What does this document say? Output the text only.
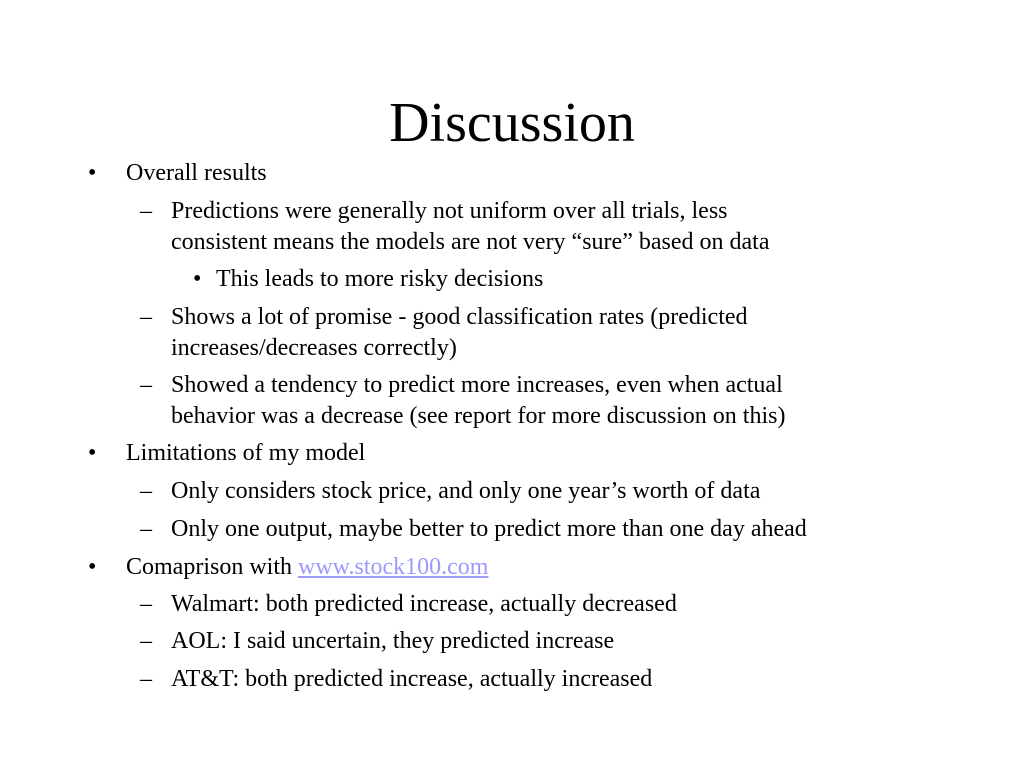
Discussion
• Overall results
– Predictions were generally not uniform over all trials, less
consistent means the models are not very “sure” based on data
• This leads to more risky decisions
– Shows a lot of promise - good classification rates (predicted
increases/decreases correctly)
– Showed a tendency to predict more increases, even when actual
behavior was a decrease (see report for more discussion on this)
• Limitations of my model
– Only considers stock price, and only one year’s worth of data
– Only one output, maybe better to predict more than one day ahead
• Comaprison with www.stock100.com
– Walmart: both predicted increase, actually decreased
– AOL: I said uncertain, they predicted increase
– AT&T: both predicted increase, actually increased
